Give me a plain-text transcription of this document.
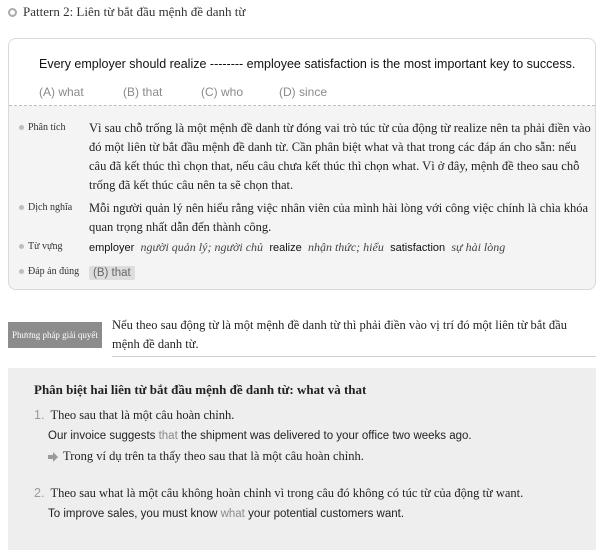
Pattern 2: Liên từ bắt đầu mệnh đề danh từ
Every employer should realize -------- employee satisfaction is the most important key to success.
(A) what	(B) that	(C) who	(D) since
Phân tích Vì sau chỗ trống là một mệnh đề danh từ đóng vai trò túc từ của động từ realize nên ta phải điền vào đó một liên từ bắt đầu mệnh đề danh từ. Cần phân biệt what và that trong các đáp án cho sẵn: nếu câu đã kết thúc thì chọn that, nếu câu chưa kết thúc thì chọn what. Vì ở đây, mệnh đề theo sau chỗ trống đã kết thúc câu nên ta sẽ chọn that.
Dịch nghĩa Mỗi người quản lý nên hiểu rằng việc nhân viên của mình hài lòng với công việc chính là chìa khóa quan trọng nhất dẫn đến thành công.
Từ vựng employer người quản lý; người chủ realize nhận thức; hiểu satisfaction sự hài lòng
Đáp án đúng	(B) that
Phương pháp giải quyết
Nếu theo sau động từ là một mệnh đề danh từ thì phải điền vào vị trí đó một liên từ bắt đầu mệnh đề danh từ.
Phân biệt hai liên từ bắt đầu mệnh đề danh từ: what và that
1. Theo sau that là một câu hoàn chỉnh.
Our invoice suggests that the shipment was delivered to your office two weeks ago.
Trong ví dụ trên ta thấy theo sau that là một câu hoàn chỉnh.
2. Theo sau what là một câu không hoàn chỉnh vì trong câu đó không có túc từ của động từ want.
To improve sales, you must know what your potential customers want.
